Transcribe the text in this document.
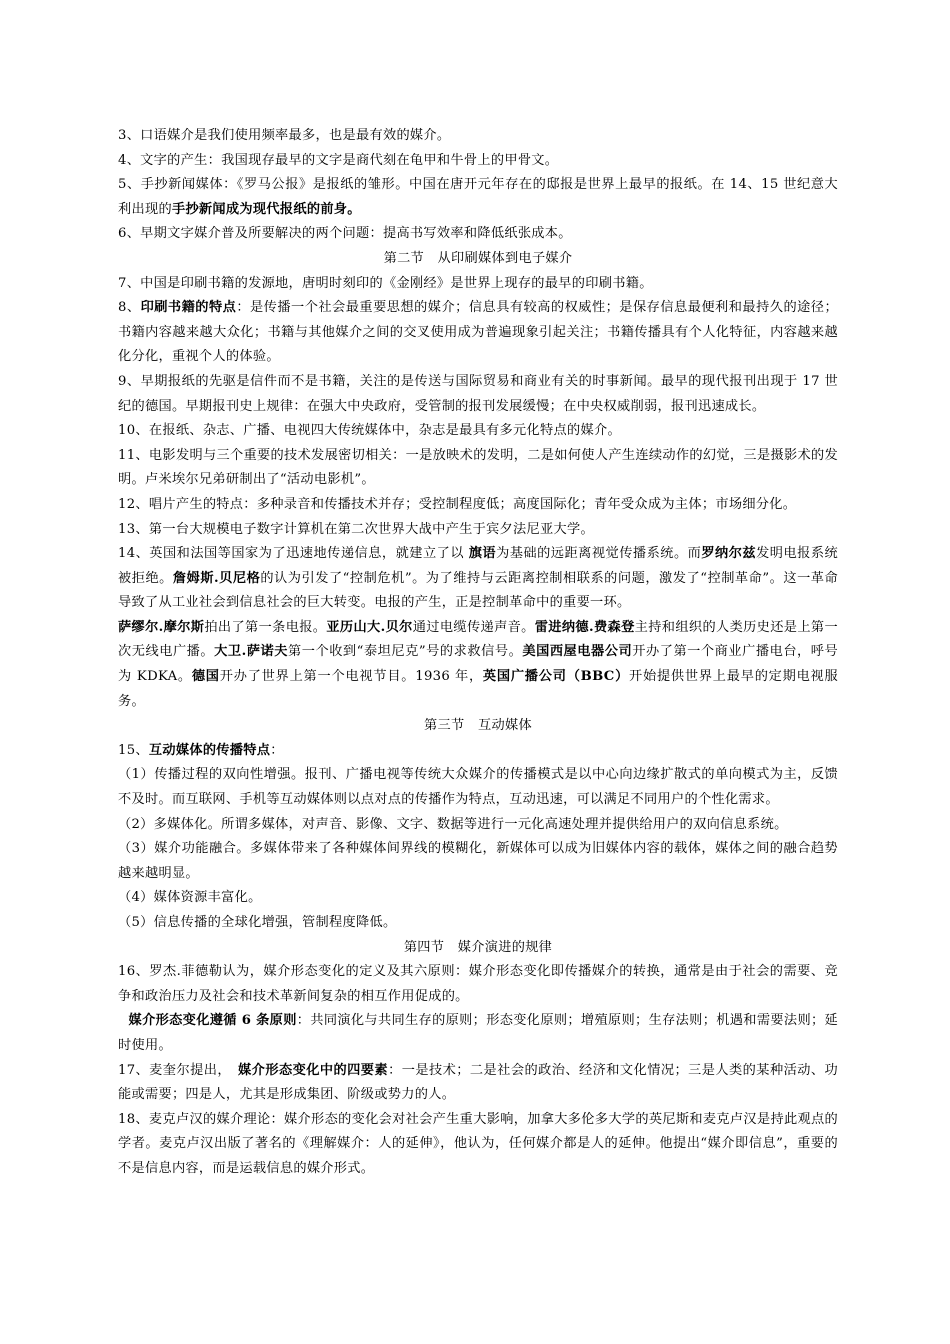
3、口语媒介是我们使用频率最多，也是最有效的媒介。

4、文字的产生：我国现存最早的文字是商代刻在龟甲和牛骨上的甲骨文。

5、手抄新闻媒体：《罗马公报》是报纸的雏形。中国在唐开元年存在的邸报是世界上最早的报纸。在 14、15 世纪意大利出现的手抄新闻成为现代报纸的前身。

6、早期文字媒介普及所要解决的两个问题：提高书写效率和降低纸张成本。

第二节　从印刷媒体到电子媒介

7、中国是印刷书籍的发源地，唐明时刻印的《金刚经》是世界上现存的最早的印刷书籍。

8、印刷书籍的特点：是传播一个社会最重要思想的媒介；信息具有较高的权威性；是保存信息最便利和最持久的途径；书籍内容越来越大众化；书籍与其他媒介之间的交叉使用成为普遍现象引起关注；书籍传播具有个人化特征，内容越来越化分化，重视个人的体验。

9、早期报纸的先驱是信件而不是书籍，关注的是传送与国际贸易和商业有关的时事新闻。最早的现代报刊出现于 17 世纪的德国。早期报刊史上规律：在强大中央政府，受管制的报刊发展缓慢；在中央权威削弱，报刊迅速成长。

10、在报纸、杂志、广播、电视四大传统媒体中，杂志是最具有多元化特点的媒介。

11、电影发明与三个重要的技术发展密切相关：一是放映术的发明，二是如何使人产生连续动作的幻觉，三是摄影术的发明。卢米埃尔兄弟研制出了“活动电影机”。

12、唱片产生的特点：多种录音和传播技术并存；受控制程度低；高度国际化；青年受众成为主体；市场细分化。

13、第一台大规模电子数字计算机在第二次世界大战中产生于宾夕法尼亚大学。

14、英国和法国等国家为了迅速地传递信息，就建立了以 旗语为基础的远距离视觉传播系统。而罗纳尔兹发明电报系统被拒绝。詹姆斯.贝尼格的认为引发了“控制危机”。为了维持与云距离控制相联系的问题，激发了“控制革命”。这一革命导致了从工业社会到信息社会的巨大转变。电报的产生，正是控制革命中的重要一环。

萨缪尔.摩尔斯拍出了第一条电报。亚历山大.贝尔通过电缆传递声音。雷进纳德.费森登主持和组织的人类历史还是上第一次无线电广播。大卫.萨诺夫第一个收到“泰坦尼克”号的求救信号。美国西屋电器公司开办了第一个商业广播电台，呼号为 KDKA。德国开办了世界上第一个电视节目。1936 年，英国广播公司（BBC）开始提供世界上最早的定期电视服务。

第三节　互动媒体

15、互动媒体的传播特点：

（1）传播过程的双向性增强。报刊、广播电视等传统大众媒介的传播模式是以中心向边缘扩散式的单向模式为主，反馈不及时。而互联网、手机等互动媒体则以点对点的传播作为特点，互动迅速，可以满足不同用户的个性化需求。

（2）多媒体化。所谓多媒体，对声音、影像、文字、数据等进行一元化高速处理并提供给用户的双向信息系统。

（3）媒介功能融合。多媒体带来了各种媒体间界线的模糊化，新媒体可以成为旧媒体内容的载体，媒体之间的融合趋势越来越明显。

（4）媒体资源丰富化。

（5）信息传播的全球化增强，管制程度降低。

第四节　媒介演进的规律

16、罗杰.菲德勒认为，媒介形态变化的定义及其六原则：媒介形态变化即传播媒介的转换，通常是由于社会的需要、竞争和政治压力及社会和技术革新间复杂的相互作用促成的。

媒介形态变化遵循 6 条原则：共同演化与共同生存的原则；形态变化原则；增殖原则；生存法则；机遇和需要法则；延时使用。

17、麦奎尔提出，　媒介形态变化中的四要素：一是技术；二是社会的政治、经济和文化情况；三是人类的某种活动、功能或需要；四是人，尤其是形成集团、阶级或势力的人。

18、麦克卢汉的媒介理论：媒介形态的变化会对社会产生重大影响，加拿大多伦多大学的英尼斯和麦克卢汉是持此观点的学者。麦克卢汉出版了著名的《理解媒介：人的延伸》，他认为，任何媒介都是人的延伸。他提出“媒介即信息”，重要的不是信息内容，而是运载信息的媒介形式。
